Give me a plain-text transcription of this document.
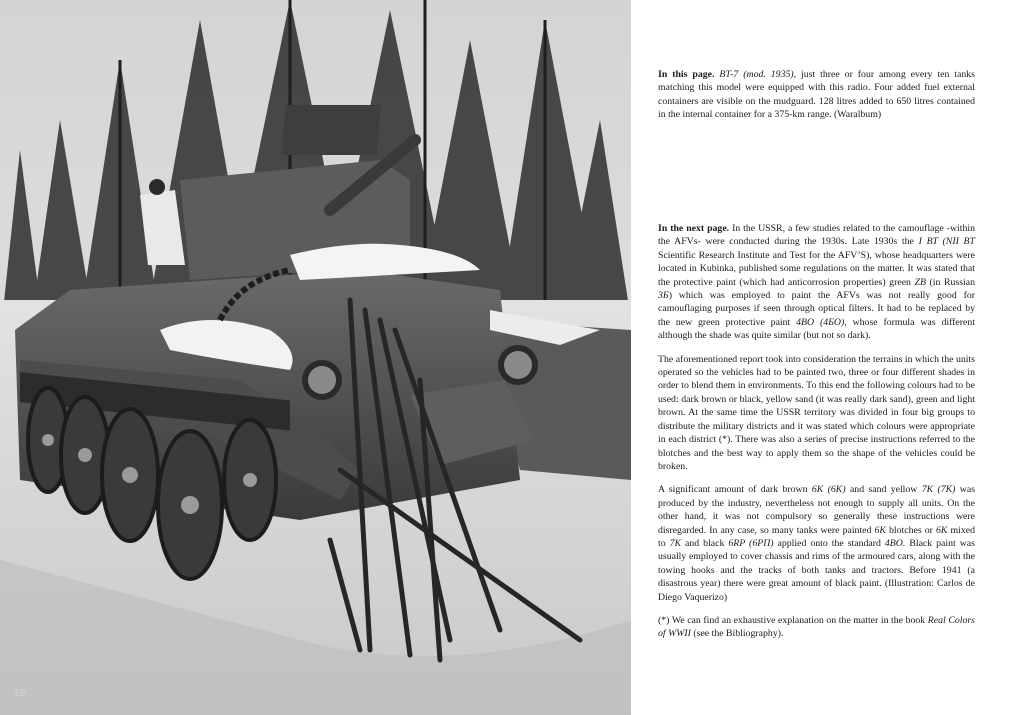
10

In this page. BT-7 (mod. 1935), just three or four among every ten tanks matching this model were equipped with this radio. Four added fuel external containers are visible on the mudguard. 128 litres added to 650 litres contained in the internal container for a 375-km range. (Waralbum)

In the next page. In the USSR, a few studies related to the camouflage -within the AFVs- were conducted during the 1930s. Late 1930s the I BT (NII BT Scientific Research Institute and Test for the AFV’S), whose headquarters were located in Kubinka, published some regulations on the matter. It was stated that the protective paint (which had anticorrosion properties) green ZB (in Russian 3Б) which was employed to paint the AFVs was not really good for camouflaging purposes if seen through optical filters. It had to be replaced by the new green protective paint 4BO (4БО), whose formula was different although the shade was quite similar (but not so dark).

The aforementioned report took into consideration the terrains in which the units operated so the vehicles had to be painted two, three or four different shades in order to blend them in environments. To this end the following colours had to be used: dark brown or black, yellow sand (it was really dark sand), green and light brown. At the same time the USSR territory was divided in four big groups to distribute the military districts and it was stated which colours were appropriate in each district (*). There was also a series of precise instructions referred to the blotches and the best way to apply them so the shape of the vehicles could be broken.

A significant amount of dark brown 6K (6K) and sand yellow 7K (7K) was produced by the industry, nevertheless not enough to supply all units. On the other hand, it was not compulsory so generally these instructions were disregarded. In any case, so many tanks were painted 6K blotches or 6K mixed to 7K and black 6RP (6PП) applied onto the standard 4BO. Black paint was usually employed to cover chassis and rims of the armoured cars, along with the towing hooks and the tracks of both tanks and tractors. Before 1941 (a disastrous year) there were great amount of black paint. (Illustration: Carlos de Diego Vaquerizo)

(*) We can find an exhaustive explanation on the matter in the book Real Colors of WWII (see the Bibliography).
